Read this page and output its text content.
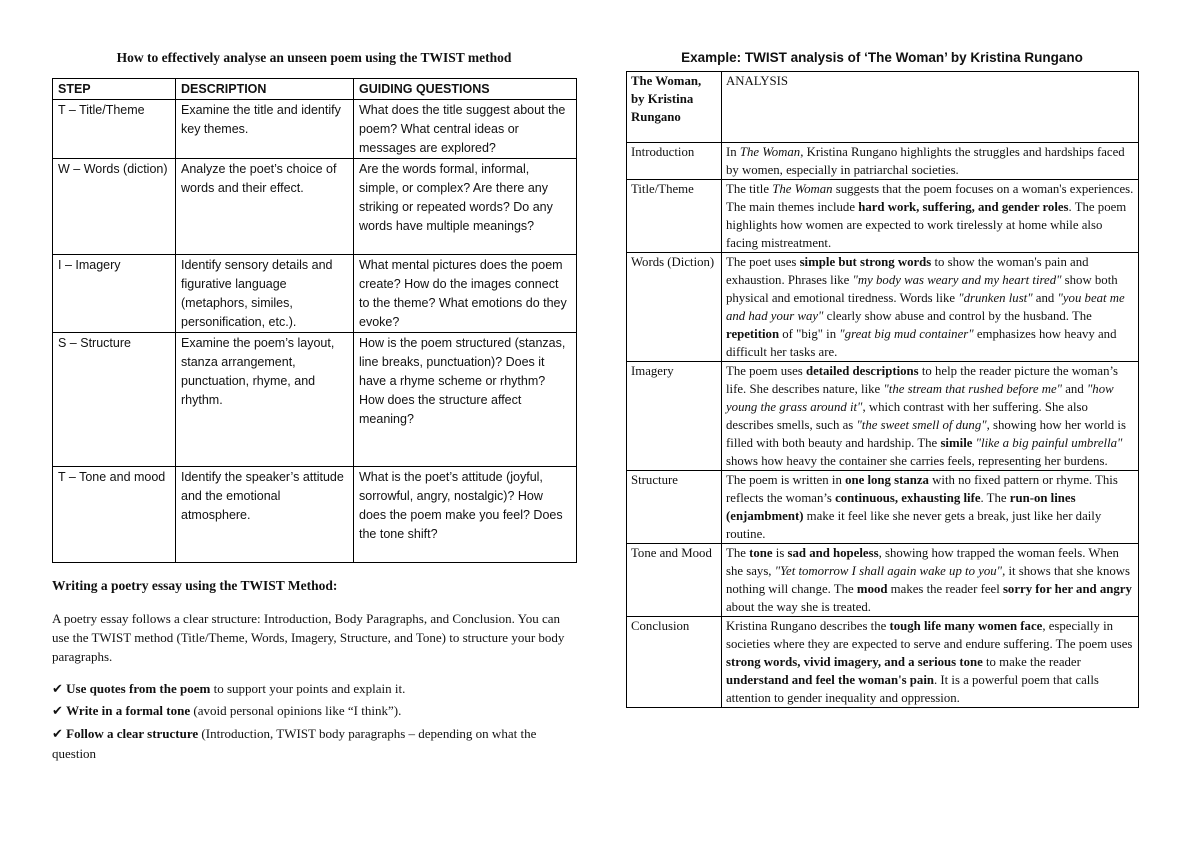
How to effectively analyse an unseen poem using the TWIST method
STEP	DESCRIPTION	GUIDING QUESTIONS
T – Title/Theme	Examine the title and identify key themes.	What does the title suggest about the poem? What central ideas or messages are explored?
W – Words (diction)	Analyze the poet’s choice of words and their effect.	Are the words formal, informal, simple, or complex? Are there any striking or repeated words? Do any words have multiple meanings?
I – Imagery	Identify sensory details and figurative language (metaphors, similes, personification, etc.).	What mental pictures does the poem create? How do the images connect to the theme? What emotions do they evoke?
S – Structure	Examine the poem’s layout, stanza arrangement, punctuation, rhyme, and rhythm.	How is the poem structured (stanzas, line breaks, punctuation)? Does it have a rhyme scheme or rhythm? How does the structure affect meaning?
T – Tone and mood	Identify the speaker’s attitude and the emotional atmosphere.	What is the poet’s attitude (joyful, sorrowful, angry, nostalgic)? How does the poem make you feel? Does the tone shift?
Writing a poetry essay using the TWIST Method:

A poetry essay follows a clear structure: Introduction, Body Paragraphs, and Conclusion. You can use the TWIST method (Title/Theme, Words, Imagery, Structure, and Tone) to structure your body paragraphs.

✔ Use quotes from the poem to support your points and explain it.
✔ Write in a formal tone (avoid personal opinions like “I think”).
✔ Follow a clear structure (Introduction, TWIST body paragraphs – depending on what the question
Example: TWIST analysis of ‘The Woman’ by Kristina Rungano
The Woman, by Kristina Rungano	ANALYSIS
Introduction	In The Woman, Kristina Rungano highlights the struggles and hardships faced by women, especially in patriarchal societies.
Title/Theme	The title The Woman suggests that the poem focuses on a woman's experiences. The main themes include hard work, suffering, and gender roles. The poem highlights how women are expected to work tirelessly at home while also facing mistreatment.
Words (Diction)	The poet uses simple but strong words to show the woman's pain and exhaustion. Phrases like "my body was weary and my heart tired" show both physical and emotional tiredness. Words like "drunken lust" and "you beat me and had your way" clearly show abuse and control by the husband. The repetition of "big" in "great big mud container" emphasizes how heavy and difficult her tasks are.
Imagery	The poem uses detailed descriptions to help the reader picture the woman’s life. She describes nature, like "the stream that rushed before me" and "how young the grass around it", which contrast with her suffering. She also describes smells, such as "the sweet smell of dung", showing how her world is filled with both beauty and hardship. The simile "like a big painful umbrella" shows how heavy the container she carries feels, representing her burdens.
Structure	The poem is written in one long stanza with no fixed pattern or rhyme. This reflects the woman’s continuous, exhausting life. The run-on lines (enjambment) make it feel like she never gets a break, just like her daily routine.
Tone and Mood	The tone is sad and hopeless, showing how trapped the woman feels. When she says, "Yet tomorrow I shall again wake up to you", it shows that she knows nothing will change. The mood makes the reader feel sorry for her and angry about the way she is treated.
Conclusion	Kristina Rungano describes the tough life many women face, especially in societies where they are expected to serve and endure suffering. The poem uses strong words, vivid imagery, and a serious tone to make the reader understand and feel the woman's pain. It is a powerful poem that calls attention to gender inequality and oppression.
